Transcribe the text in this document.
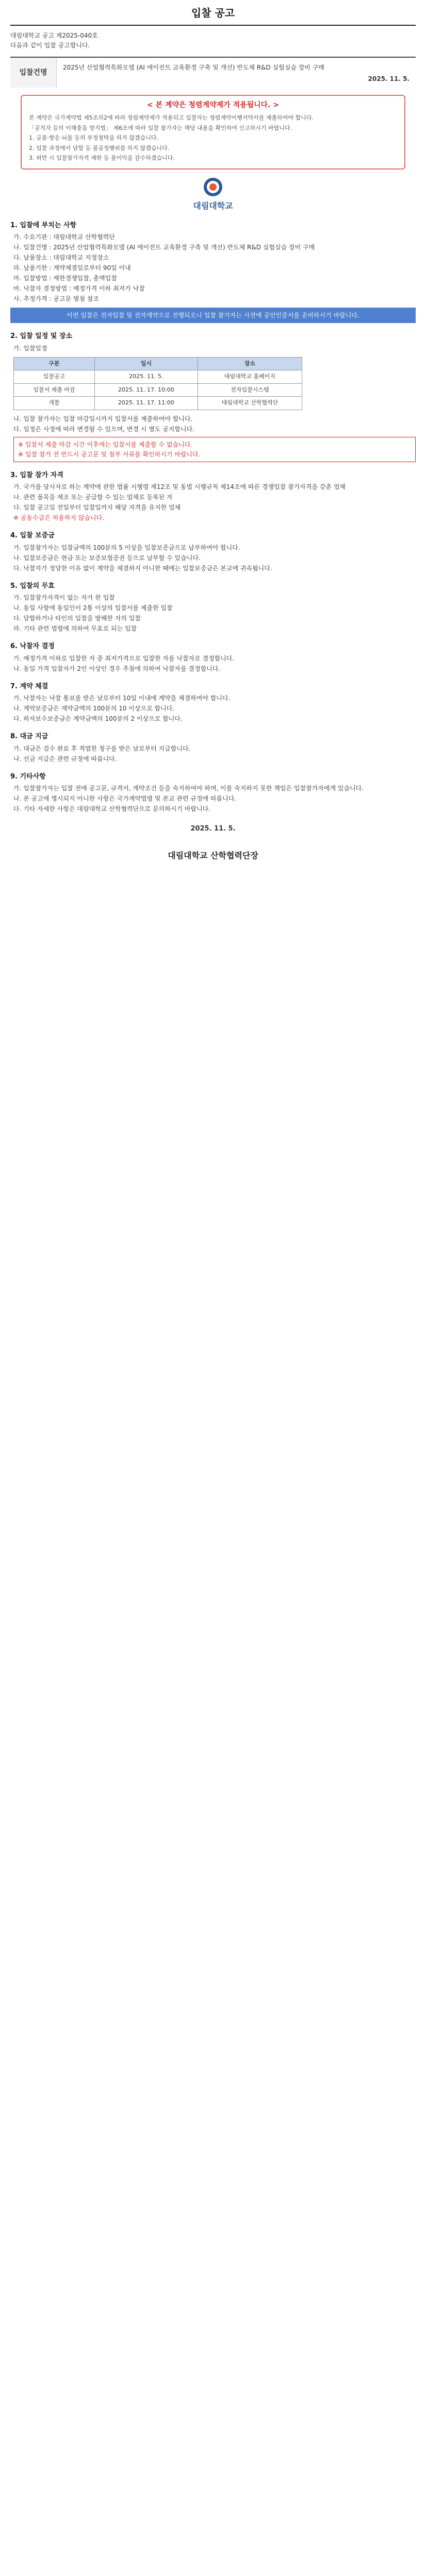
입찰 공고
대림대학교 공고 제2025-040호
다음과 같이 입찰 공고합니다.
입찰건명

2025년 산업협력특화모델 (AI 에이전트 교육환경 구축 및 개선) 반도체 R&D 실험실습 장비 구매

2025. 11. 5.
< 본 계약은 청렴계약제가 적용됩니다. >

본 계약은 국가계약법 제5조의2에 따라 청렴계약제가 적용되고 입찰자는 청렴계약이행서약서를 제출하여야 합니다.

「공직자 등의 이해충돌 방지법」 제6조에 따라 입찰 참가자는 해당 내용을 확인하여 신고하시기 바랍니다.

1. 금품·향응·뇌물 등의 부정청탁을 하지 않겠습니다.

2. 입찰 과정에서 담합 등 불공정행위를 하지 않겠습니다.

3. 위반 시 입찰참가자격 제한 등 불이익을 감수하겠습니다.

대림대학교
1. 입찰에 부치는 사항
가. 수요기관 : 대림대학교 산학협력단
나. 입찰건명 : 2025년 산업협력특화모델 (AI 에이전트 교육환경 구축 및 개선) 반도체 R&D 실험실습 장비 구매
다. 납품장소 : 대림대학교 지정장소
라. 납품기한 : 계약체결일로부터 90일 이내
마. 입찰방법 : 제한경쟁입찰, 총액입찰
바. 낙찰자 결정방법 : 예정가격 이하 최저가 낙찰
사. 추정가격 : 공고문 별첨 참조
이번 입찰은 전자입찰 및 전자계약으로 진행되오니 입찰 참가자는 사전에 공인인증서를 준비하시기 바랍니다.
2. 입찰 일정 및 장소

가. 입찰일정

구분	일시	장소
입찰공고	2025. 11. 5.	대림대학교 홈페이지
입찰서 제출 마감	2025. 11. 17. 10:00	전자입찰시스템
개찰	2025. 11. 17. 11:00	대림대학교 산학협력단

나. 입찰 참가자는 입찰 마감일시까지 입찰서를 제출하여야 합니다.

다. 일정은 사정에 따라 변경될 수 있으며, 변경 시 별도 공지합니다.

※ 입찰서 제출 마감 시간 이후에는 입찰서를 제출할 수 없습니다.

※ 입찰 참가 전 반드시 공고문 및 첨부 서류를 확인하시기 바랍니다.

3. 입찰 참가 자격
가. 국가를 당사자로 하는 계약에 관한 법률 시행령 제12조 및 동법 시행규칙 제14조에 따른 경쟁입찰 참가자격을 갖춘 업체
나. 관련 품목을 제조 또는 공급할 수 있는 업체로 등록된 자
다. 입찰 공고일 전일부터 입찰일까지 해당 자격을 유지한 업체

※ 공동수급은 허용하지 않습니다.

4. 입찰 보증금
가. 입찰참가자는 입찰금액의 100분의 5 이상을 입찰보증금으로 납부하여야 합니다.
나. 입찰보증금은 현금 또는 보증보험증권 등으로 납부할 수 있습니다.
다. 낙찰자가 정당한 이유 없이 계약을 체결하지 아니한 때에는 입찰보증금은 본교에 귀속됩니다.
5. 입찰의 무효
가. 입찰참가자격이 없는 자가 한 입찰
나. 동일 사항에 동일인이 2통 이상의 입찰서를 제출한 입찰
다. 담합하거나 타인의 입찰을 방해한 자의 입찰
라. 기타 관련 법령에 의하여 무효로 되는 입찰
6. 낙찰자 결정
가. 예정가격 이하로 입찰한 자 중 최저가격으로 입찰한 자를 낙찰자로 결정합니다.
나. 동일 가격 입찰자가 2인 이상인 경우 추첨에 의하여 낙찰자를 결정합니다.
7. 계약 체결
가. 낙찰자는 낙찰 통보를 받은 날로부터 10일 이내에 계약을 체결하여야 합니다.
나. 계약보증금은 계약금액의 100분의 10 이상으로 합니다.
다. 하자보수보증금은 계약금액의 100분의 2 이상으로 합니다.
8. 대금 지급
가. 대금은 검수 완료 후 적법한 청구를 받은 날로부터 지급합니다.
나. 선금 지급은 관련 규정에 따릅니다.
9. 기타사항
가. 입찰참가자는 입찰 전에 공고문, 규격서, 계약조건 등을 숙지하여야 하며, 이를 숙지하지 못한 책임은 입찰참가자에게 있습니다.
나. 본 공고에 명시되지 아니한 사항은 국가계약법령 및 본교 관련 규정에 따릅니다.
다. 기타 자세한 사항은 대림대학교 산학협력단으로 문의하시기 바랍니다.
2025. 11. 5.
대림대학교 산학협력단장
